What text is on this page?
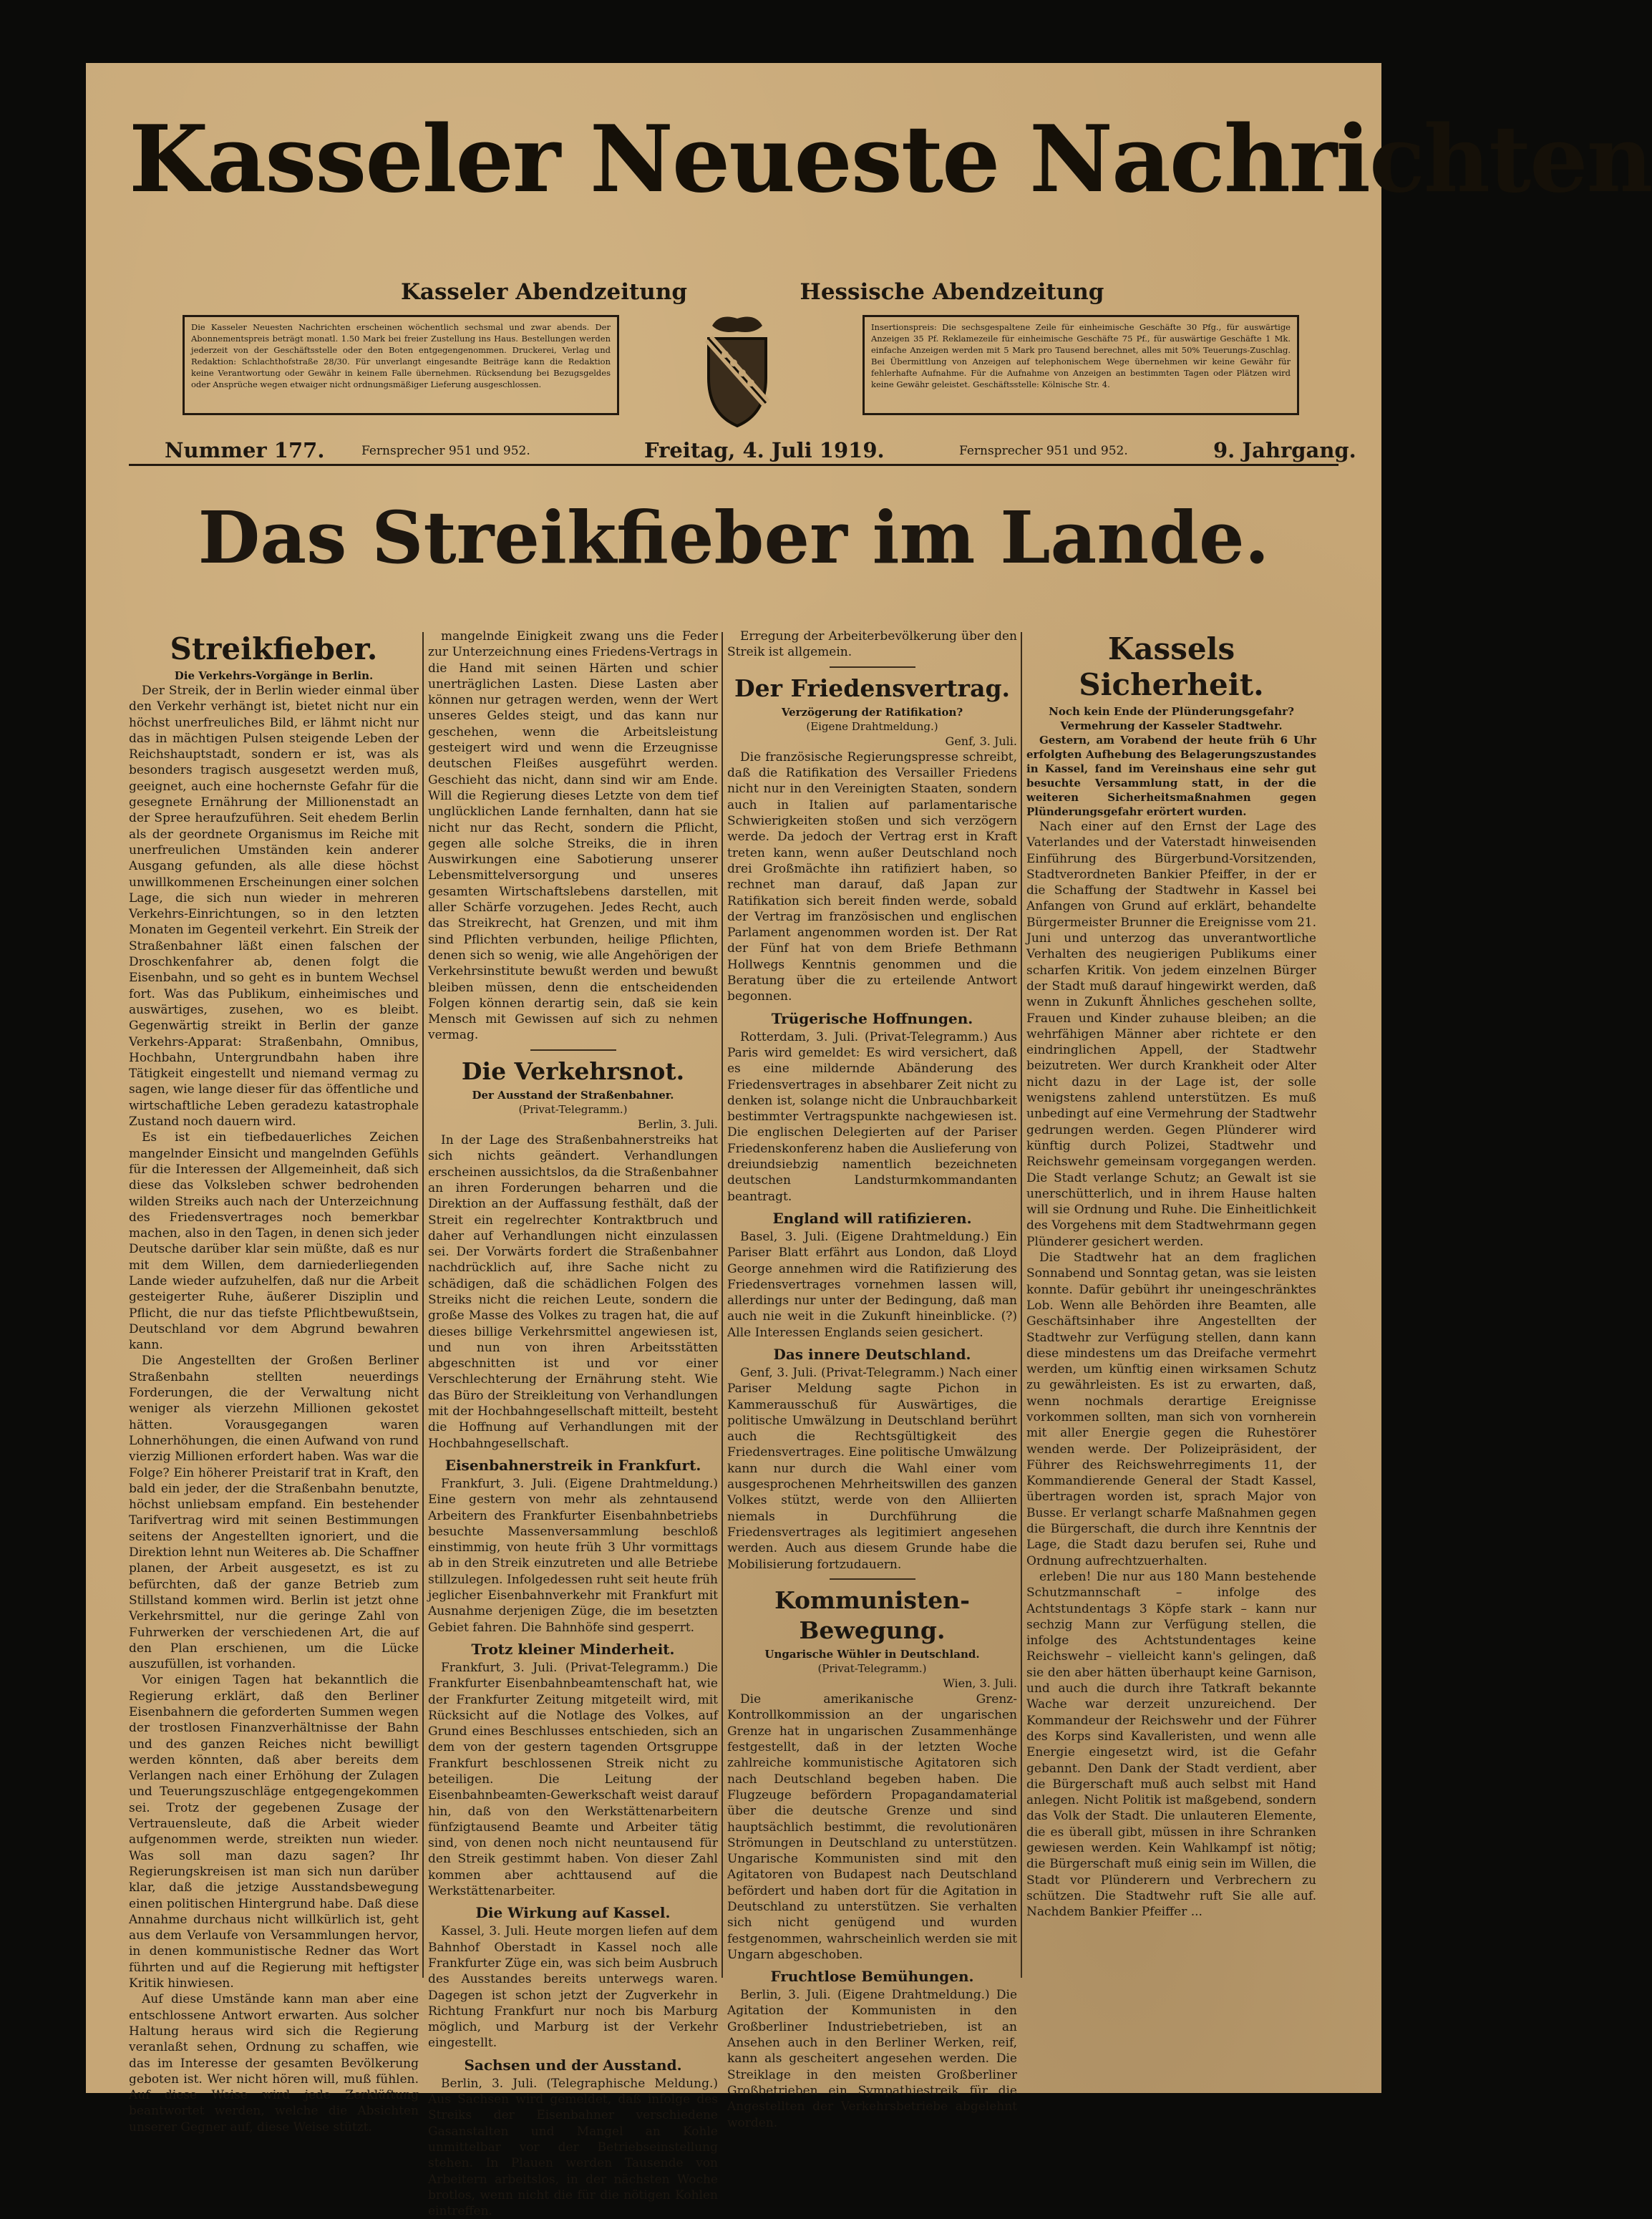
Kasseler Neueste Nachrichten
Kasseler Abendzeitung	Hessische Abendzeitung
Die Kasseler Neuesten Nachrichten erscheinen wöchentlich sechsmal und zwar abends. Der Abonnementspreis beträgt monatl. 1.50 Mark bei freier Zustellung ins Haus. Bestellungen werden jederzeit von der Geschäftsstelle oder den Boten entgegengenommen. Druckerei, Verlag und Redaktion: Schlachthofstraße 28/30. Für unverlangt eingesandte Beiträge kann die Redaktion keine Verantwortung oder Gewähr in keinem Falle übernehmen. Rücksendung bei Bezugsgeldes oder Ansprüche wegen etwaiger nicht ordnungsmäßiger Lieferung ausgeschlossen.
Insertionspreis: Die sechsgespaltene Zeile für einheimische Geschäfte 30 Pfg., für auswärtige Anzeigen 35 Pf. Reklamezeile für einheimische Geschäfte 75 Pf., für auswärtige Geschäfte 1 Mk. einfache Anzeigen werden mit 5 Mark pro Tausend berechnet, alles mit 50% Teuerungs-Zuschlag. Bei Übermittlung von Anzeigen auf telephonischem Wege übernehmen wir keine Gewähr für fehlerhafte Aufnahme. Für die Aufnahme von Anzeigen an bestimmten Tagen oder Plätzen wird keine Gewähr geleistet. Geschäftsstelle: Kölnische Str. 4.
Nummer 177.	Fernsprecher 951 und 952.	Freitag, 4. Juli 1919.	Fernsprecher 951 und 952.	9. Jahrgang.
Das Streikfieber im Lande.
Streikfieber.
Die Verkehrs-Vorgänge in Berlin.

Der Streik, der in Berlin wieder einmal über den Verkehr verhängt ist, bietet nicht nur ein höchst unerfreuliches Bild, er lähmt nicht nur das in mächtigen Pulsen steigende Leben der Reichshauptstadt, sondern er ist, was als besonders tragisch ausgesetzt werden muß, geeignet, auch eine hochernste Gefahr für die gesegnete Ernährung der Millionenstadt an der Spree heraufzuführen. Seit ehedem Berlin als der geordnete Organismus im Reiche mit unerfreulichen Umständen kein anderer Ausgang gefunden, als alle diese höchst unwillkommenen Erscheinungen einer solchen Lage, die sich nun wieder in mehreren Verkehrs-Einrichtungen, so in den letzten Monaten im Gegenteil verkehrt. Ein Streik der Straßenbahner läßt einen falschen der Droschkenfahrer ab, denen folgt die Eisenbahn, und so geht es in buntem Wechsel fort. Was das Publikum, einheimisches und auswärtiges, zusehen, wo es bleibt. Gegenwärtig streikt in Berlin der ganze Verkehrs-Apparat: Straßenbahn, Omnibus, Hochbahn, Untergrundbahn haben ihre Tätigkeit eingestellt und niemand vermag zu sagen, wie lange dieser für das öffentliche und wirtschaftliche Leben geradezu katastrophale Zustand noch dauern wird.

Es ist ein tiefbedauerliches Zeichen mangelnder Einsicht und mangelnden Gefühls für die Interessen der Allgemeinheit, daß sich diese das Volksleben schwer bedrohenden wilden Streiks auch nach der Unterzeichnung des Friedensvertrages noch bemerkbar machen, also in den Tagen, in denen sich jeder Deutsche darüber klar sein müßte, daß es nur mit dem Willen, dem darniederliegenden Lande wieder aufzuhelfen, daß nur die Arbeit gesteigerter Ruhe, äußerer Disziplin und Pflicht, die nur das tiefste Pflichtbewußtsein, Deutschland vor dem Abgrund bewahren kann.

Die Angestellten der Großen Berliner Straßenbahn stellten neuerdings Forderungen, die der Verwaltung nicht weniger als vierzehn Millionen gekostet hätten. Vorausgegangen waren Lohnerhöhungen, die einen Aufwand von rund vierzig Millionen erfordert haben. Was war die Folge? Ein höherer Preistarif trat in Kraft, den bald ein jeder, der die Straßenbahn benutzte, höchst unliebsam empfand. Ein bestehender Tarifvertrag wird mit seinen Bestimmungen seitens der Angestellten ignoriert, und die Direktion lehnt nun Weiteres ab. Die Schaffner planen, der Arbeit ausgesetzt, es ist zu befürchten, daß der ganze Betrieb zum Stillstand kommen wird. Berlin ist jetzt ohne Verkehrsmittel, nur die geringe Zahl von Fuhrwerken der verschiedenen Art, die auf den Plan erschienen, um die Lücke auszufüllen, ist vorhanden.

Vor einigen Tagen hat bekanntlich die Regierung erklärt, daß den Berliner Eisenbahnern die geforderten Summen wegen der trostlosen Finanzverhältnisse der Bahn und des ganzen Reiches nicht bewilligt werden könnten, daß aber bereits dem Verlangen nach einer Erhöhung der Zulagen und Teuerungszuschläge entgegengekommen sei. Trotz der gegebenen Zusage der Vertrauensleute, daß die Arbeit wieder aufgenommen werde, streikten nun wieder. Was soll man dazu sagen? Ihr Regierungskreisen ist man sich nun darüber klar, daß die jetzige Ausstandsbewegung einen politischen Hintergrund habe. Daß diese Annahme durchaus nicht willkürlich ist, geht aus dem Verlaufe von Versammlungen hervor, in denen kommunistische Redner das Wort führten und auf die Regierung mit heftigster Kritik hinwiesen.

Auf diese Umstände kann man aber eine entschlossene Antwort erwarten. Aus solcher Haltung heraus wird sich die Regierung veranlaßt sehen, Ordnung zu schaffen, wie das im Interesse der gesamten Bevölkerung geboten ist. Wer nicht hören will, muß fühlen. Auf diese Weise wird jede Zerklüftung beantwortet werden, welche die Absichten unserer Gegner auf, diese Weise stützt.

mangelnde Einigkeit zwang uns die Feder zur Unterzeichnung eines Friedens-Vertrags in die Hand mit seinen Härten und schier unerträglichen Lasten. Diese Lasten aber können nur getragen werden, wenn der Wert unseres Geldes steigt, und das kann nur geschehen, wenn die Arbeitsleistung gesteigert wird und wenn die Erzeugnisse deutschen Fleißes ausgeführt werden. Geschieht das nicht, dann sind wir am Ende. Will die Regierung dieses Letzte von dem tief unglücklichen Lande fernhalten, dann hat sie nicht nur das Recht, sondern die Pflicht, gegen alle solche Streiks, die in ihren Auswirkungen eine Sabotierung unserer Lebensmittelversorgung und unseres gesamten Wirtschaftslebens darstellen, mit aller Schärfe vorzugehen. Jedes Recht, auch das Streikrecht, hat Grenzen, und mit ihm sind Pflichten verbunden, heilige Pflichten, denen sich so wenig, wie alle Angehörigen der Verkehrsinstitute bewußt werden und bewußt bleiben müssen, denn die entscheidenden Folgen können derartig sein, daß sie kein Mensch mit Gewissen auf sich zu nehmen vermag.

Die Verkehrsnot.
Der Ausstand der Straßenbahner.
(Privat-Telegramm.)
Berlin, 3. Juli.

In der Lage des Straßenbahnerstreiks hat sich nichts geändert. Verhandlungen erscheinen aussichtslos, da die Straßenbahner an ihren Forderungen beharren und die Direktion an der Auffassung festhält, daß der Streit ein regelrechter Kontraktbruch und daher auf Verhandlungen nicht einzulassen sei. Der Vorwärts fordert die Straßenbahner nachdrücklich auf, ihre Sache nicht zu schädigen, daß die schädlichen Folgen des Streiks nicht die reichen Leute, sondern die große Masse des Volkes zu tragen hat, die auf dieses billige Verkehrsmittel angewiesen ist, und nun von ihren Arbeitsstätten abgeschnitten ist und vor einer Verschlechterung der Ernährung steht. Wie das Büro der Streikleitung von Verhandlungen mit der Hochbahngesellschaft mitteilt, besteht die Hoffnung auf Verhandlungen mit der Hochbahngesellschaft.

Eisenbahnerstreik in Frankfurt.

Frankfurt, 3. Juli. (Eigene Drahtmeldung.) Eine gestern von mehr als zehntausend Arbeitern des Frankfurter Eisenbahnbetriebs besuchte Massenversammlung beschloß einstimmig, von heute früh 3 Uhr vormittags ab in den Streik einzutreten und alle Betriebe stillzulegen. Infolgedessen ruht seit heute früh jeglicher Eisenbahnverkehr mit Frankfurt mit Ausnahme derjenigen Züge, die im besetzten Gebiet fahren. Die Bahnhöfe sind gesperrt.

Trotz kleiner Minderheit.

Frankfurt, 3. Juli. (Privat-Telegramm.) Die Frankfurter Eisenbahnbeamtenschaft hat, wie der Frankfurter Zeitung mitgeteilt wird, mit Rücksicht auf die Notlage des Volkes, auf Grund eines Beschlusses entschieden, sich an dem von der gestern tagenden Ortsgruppe Frankfurt beschlossenen Streik nicht zu beteiligen. Die Leitung der Eisenbahnbeamten-Gewerkschaft weist darauf hin, daß von den Werkstättenarbeitern fünfzigtausend Beamte und Arbeiter tätig sind, von denen noch nicht neuntausend für den Streik gestimmt haben. Von dieser Zahl kommen aber achttausend auf die Werkstättenarbeiter.

Die Wirkung auf Kassel.

Kassel, 3. Juli. Heute morgen liefen auf dem Bahnhof Oberstadt in Kassel noch alle Frankfurter Züge ein, was sich beim Ausbruch des Ausstandes bereits unterwegs waren. Dagegen ist schon jetzt der Zugverkehr in Richtung Frankfurt nur noch bis Marburg möglich, und Marburg ist der Verkehr eingestellt.

Sachsen und der Ausstand.

Berlin, 3. Juli. (Telegraphische Meldung.) Aus Sachsen wird gemeldet, daß infolge des Streiks der Eisenbahner verschiedene Gasanstalten und Mangel an Kohle unmittelbar vor der Betriebseinstellung stehen. In Plauen werden Tausende von Arbeitern arbeitslos, in der nächsten Woche brotlos, wenn nicht die für die nötigen Kohlen eintreffen.

Erregung der Arbeiterbevölkerung über den Streik ist allgemein.

Der Friedensvertrag.
Verzögerung der Ratifikation?
(Eigene Drahtmeldung.)
Genf, 3. Juli.

Die französische Regierungspresse schreibt, daß die Ratifikation des Versailler Friedens nicht nur in den Vereinigten Staaten, sondern auch in Italien auf parlamentarische Schwierigkeiten stoßen und sich verzögern werde. Da jedoch der Vertrag erst in Kraft treten kann, wenn außer Deutschland noch drei Großmächte ihn ratifiziert haben, so rechnet man darauf, daß Japan zur Ratifikation sich bereit finden werde, sobald der Vertrag im französischen und englischen Parlament angenommen worden ist. Der Rat der Fünf hat von dem Briefe Bethmann Hollwegs Kenntnis genommen und die Beratung über die zu erteilende Antwort begonnen.

Trügerische Hoffnungen.

Rotterdam, 3. Juli. (Privat-Telegramm.) Aus Paris wird gemeldet: Es wird versichert, daß es eine mildernde Abänderung des Friedensvertrages in absehbarer Zeit nicht zu denken ist, solange nicht die Unbrauchbarkeit bestimmter Vertragspunkte nachgewiesen ist. Die englischen Delegierten auf der Pariser Friedenskonferenz haben die Auslieferung von dreiundsiebzig namentlich bezeichneten deutschen Landsturmkommandanten beantragt.

England will ratifizieren.

Basel, 3. Juli. (Eigene Drahtmeldung.) Ein Pariser Blatt erfährt aus London, daß Lloyd George annehmen wird die Ratifizierung des Friedensvertrages vornehmen lassen will, allerdings nur unter der Bedingung, daß man auch nie weit in die Zukunft hineinblicke. (?) Alle Interessen Englands seien gesichert.

Das innere Deutschland.

Genf, 3. Juli. (Privat-Telegramm.) Nach einer Pariser Meldung sagte Pichon in Kammerausschuß für Auswärtiges, die politische Umwälzung in Deutschland berührt auch die Rechtsgültigkeit des Friedensvertrages. Eine politische Umwälzung kann nur durch die Wahl einer vom ausgesprochenen Mehrheitswillen des ganzen Volkes stützt, werde von den Alliierten niemals in Durchführung die Friedensvertrages als legitimiert angesehen werden. Auch aus diesem Grunde habe die Mobilisierung fortzudauern.

Kommunisten-Bewegung.
Ungarische Wühler in Deutschland.
(Privat-Telegramm.)
Wien, 3. Juli.

Die amerikanische Grenz-Kontrollkommission an der ungarischen Grenze hat in ungarischen Zusammenhänge festgestellt, daß in der letzten Woche zahlreiche kommunistische Agitatoren sich nach Deutschland begeben haben. Die Flugzeuge befördern Propagandamaterial über die deutsche Grenze und sind hauptsächlich bestimmt, die revolutionären Strömungen in Deutschland zu unterstützen. Ungarische Kommunisten sind mit den Agitatoren von Budapest nach Deutschland befördert und haben dort für die Agitation in Deutschland zu unterstützen. Sie verhalten sich nicht genügend und wurden festgenommen, wahrscheinlich werden sie mit Ungarn abgeschoben.

Fruchtlose Bemühungen.

Berlin, 3. Juli. (Eigene Drahtmeldung.) Die Agitation der Kommunisten in den Großberliner Industriebetrieben, ist an Ansehen auch in den Berliner Werken, reif, kann als gescheitert angesehen werden. Die Streiklage in den meisten Großberliner Großbetrieben ein Sympathiestreik für die Angestellten der Verkehrsbetriebe abgelehnt worden.

Kassels Sicherheit.
Noch kein Ende der Plünderungsgefahr?
Vermehrung der Kasseler Stadtwehr.

Gestern, am Vorabend der heute früh 6 Uhr erfolgten Aufhebung des Belagerungszustandes in Kassel, fand im Vereinshaus eine sehr gut besuchte Versammlung statt, in der die weiteren Sicherheitsmaßnahmen gegen Plünderungsgefahr erörtert wurden.

Nach einer auf den Ernst der Lage des Vaterlandes und der Vaterstadt hinweisenden Einführung des Bürgerbund-Vorsitzenden, Stadtverordneten Bankier Pfeiffer, in der er die Schaffung der Stadtwehr in Kassel bei Anfangen von Grund auf erklärt, behandelte Bürgermeister Brunner die Ereignisse vom 21. Juni und unterzog das unverantwortliche Verhalten des neugierigen Publikums einer scharfen Kritik. Von jedem einzelnen Bürger der Stadt muß darauf hingewirkt werden, daß wenn in Zukunft Ähnliches geschehen sollte, Frauen und Kinder zuhause bleiben; an die wehrfähigen Männer aber richtete er den eindringlichen Appell, der Stadtwehr beizutreten. Wer durch Krankheit oder Alter nicht dazu in der Lage ist, der solle wenigstens zahlend unterstützen. Es muß unbedingt auf eine Vermehrung der Stadtwehr gedrungen werden. Gegen Plünderer wird künftig durch Polizei, Stadtwehr und Reichswehr gemeinsam vorgegangen werden. Die Stadt verlange Schutz; an Gewalt ist sie unerschütterlich, und in ihrem Hause halten will sie Ordnung und Ruhe. Die Einheitlichkeit des Vorgehens mit dem Stadtwehrmann gegen Plünderer gesichert werden.

Die Stadtwehr hat an dem fraglichen Sonnabend und Sonntag getan, was sie leisten konnte. Dafür gebührt ihr uneingeschränktes Lob. Wenn alle Behörden ihre Beamten, alle Geschäftsinhaber ihre Angestellten der Stadtwehr zur Verfügung stellen, dann kann diese mindestens um das Dreifache vermehrt werden, um künftig einen wirksamen Schutz zu gewährleisten. Es ist zu erwarten, daß, wenn nochmals derartige Ereignisse vorkommen sollten, man sich von vornherein mit aller Energie gegen die Ruhestörer wenden werde. Der Polizeipräsident, der Führer des Reichswehrregiments 11, der Kommandierende General der Stadt Kassel, übertragen worden ist, sprach Major von Busse. Er verlangt scharfe Maßnahmen gegen die Bürgerschaft, die durch ihre Kenntnis der Lage, die Stadt dazu berufen sei, Ruhe und Ordnung aufrechtzuerhalten.

erleben! Die nur aus 180 Mann bestehende Schutzmannschaft – infolge des Achtstundentags 3 Köpfe stark – kann nur sechzig Mann zur Verfügung stellen, die infolge des Achtstundentages keine Reichswehr – vielleicht kann's gelingen, daß sie den aber hätten überhaupt keine Garnison, und auch die durch ihre Tatkraft bekannte Wache war derzeit unzureichend. Der Kommandeur der Reichswehr und der Führer des Korps sind Kavalleristen, und wenn alle Energie eingesetzt wird, ist die Gefahr gebannt. Den Dank der Stadt verdient, aber die Bürgerschaft muß auch selbst mit Hand anlegen. Nicht Politik ist maßgebend, sondern das Volk der Stadt. Die unlauteren Elemente, die es überall gibt, müssen in ihre Schranken gewiesen werden. Kein Wahlkampf ist nötig; die Bürgerschaft muß einig sein im Willen, die Stadt vor Plünderern und Verbrechern zu schützen. Die Stadtwehr ruft Sie alle auf. Nachdem Bankier Pfeiffer ...
